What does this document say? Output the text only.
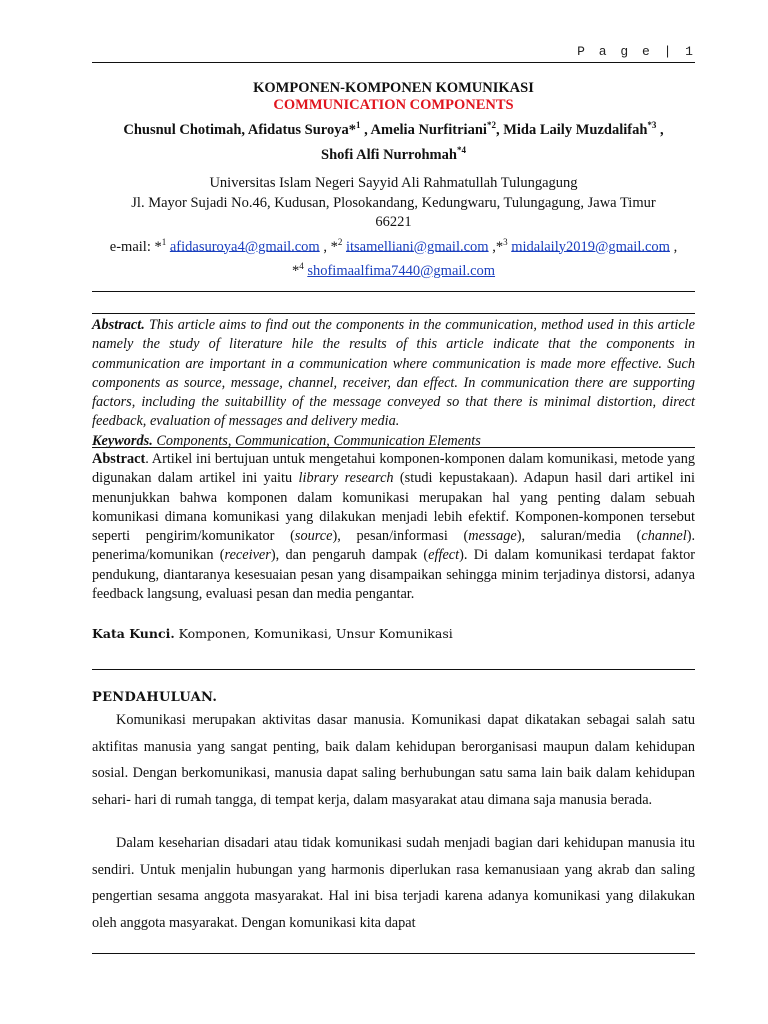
P a g e | 1
KOMPONEN-KOMPONEN KOMUNIKASI
COMMUNICATION COMPONENTS
Chusnul Chotimah, Afidatus Suroya*$^1$ , Amelia Nurfitriani$^{*2}$, Mida Laily Muzdalifah$^{*3}$ ,
Shofi Alfi Nurrohmah$^{*4}$
Universitas Islam Negeri Sayyid Ali Rahmatullah Tulungagung
Jl. Mayor Sujadi No.46, Kudusan, Plosokandang, Kedungwaru, Tulungagung, Jawa Timur
66221
e-mail: *$^1$ afidasuroya4@gmail.com , *$^2$ itsamelliani@gmail.com ,*$^3$ midalaily2019@gmail.com ,
*$^4$ shofimaalfima7440@gmail.com
Abstract. This article aims to find out the components in the communication, method used in this article namely the study of literature hile the results of this article indicate that the components in communication are important in a communication where communication is made more effective. Such components as source, message, channel, receiver, dan effect. In communication there are supporting factors, including the suitabillity of the message conveyed so that there is minimal distortion, direct feedback, evaluation of messages and delivery media.
Keywords. Components, Communication, Communication Elements
Abstract. Artikel ini bertujuan untuk mengetahui komponen-komponen dalam komunikasi, metode yang digunakan dalam artikel ini yaitu library research (studi kepustakaan). Adapun hasil dari artikel ini menunjukkan bahwa komponen dalam komunikasi merupakan hal yang penting dalam sebuah komunikasi dimana komunikasi yang dilakukan menjadi lebih efektif. Komponen-komponen tersebut seperti pengirim/komunikator (source), pesan/informasi (message), saluran/media (channel). penerima/komunikan (receiver), dan pengaruh dampak (effect). Di dalam komunikasi terdapat faktor pendukung, diantaranya kesesuaian pesan yang disampaikan sehingga minim terjadinya distorsi, adanya feedback langsung, evaluasi pesan dan media pengantar.
Kata Kunci. Komponen, Komunikasi, Unsur Komunikasi
PENDAHULUAN.
Komunikasi merupakan aktivitas dasar manusia. Komunikasi dapat dikatakan sebagai salah satu aktifitas manusia yang sangat penting, baik dalam kehidupan berorganisasi maupun dalam kehidupan sosial. Dengan berkomunikasi, manusia dapat saling berhubungan satu sama lain baik dalam kehidupan sehari- hari di rumah tangga, di tempat kerja, dalam masyarakat atau dimana saja manusia berada.
Dalam keseharian disadari atau tidak komunikasi sudah menjadi bagian dari kehidupan manusia itu sendiri. Untuk menjalin hubungan yang harmonis diperlukan rasa kemanusiaan yang akrab dan saling pengertian sesama anggota masyarakat. Hal ini bisa terjadi karena adanya komunikasi yang dilakukan oleh anggota masyarakat. Dengan komunikasi kita dapat
